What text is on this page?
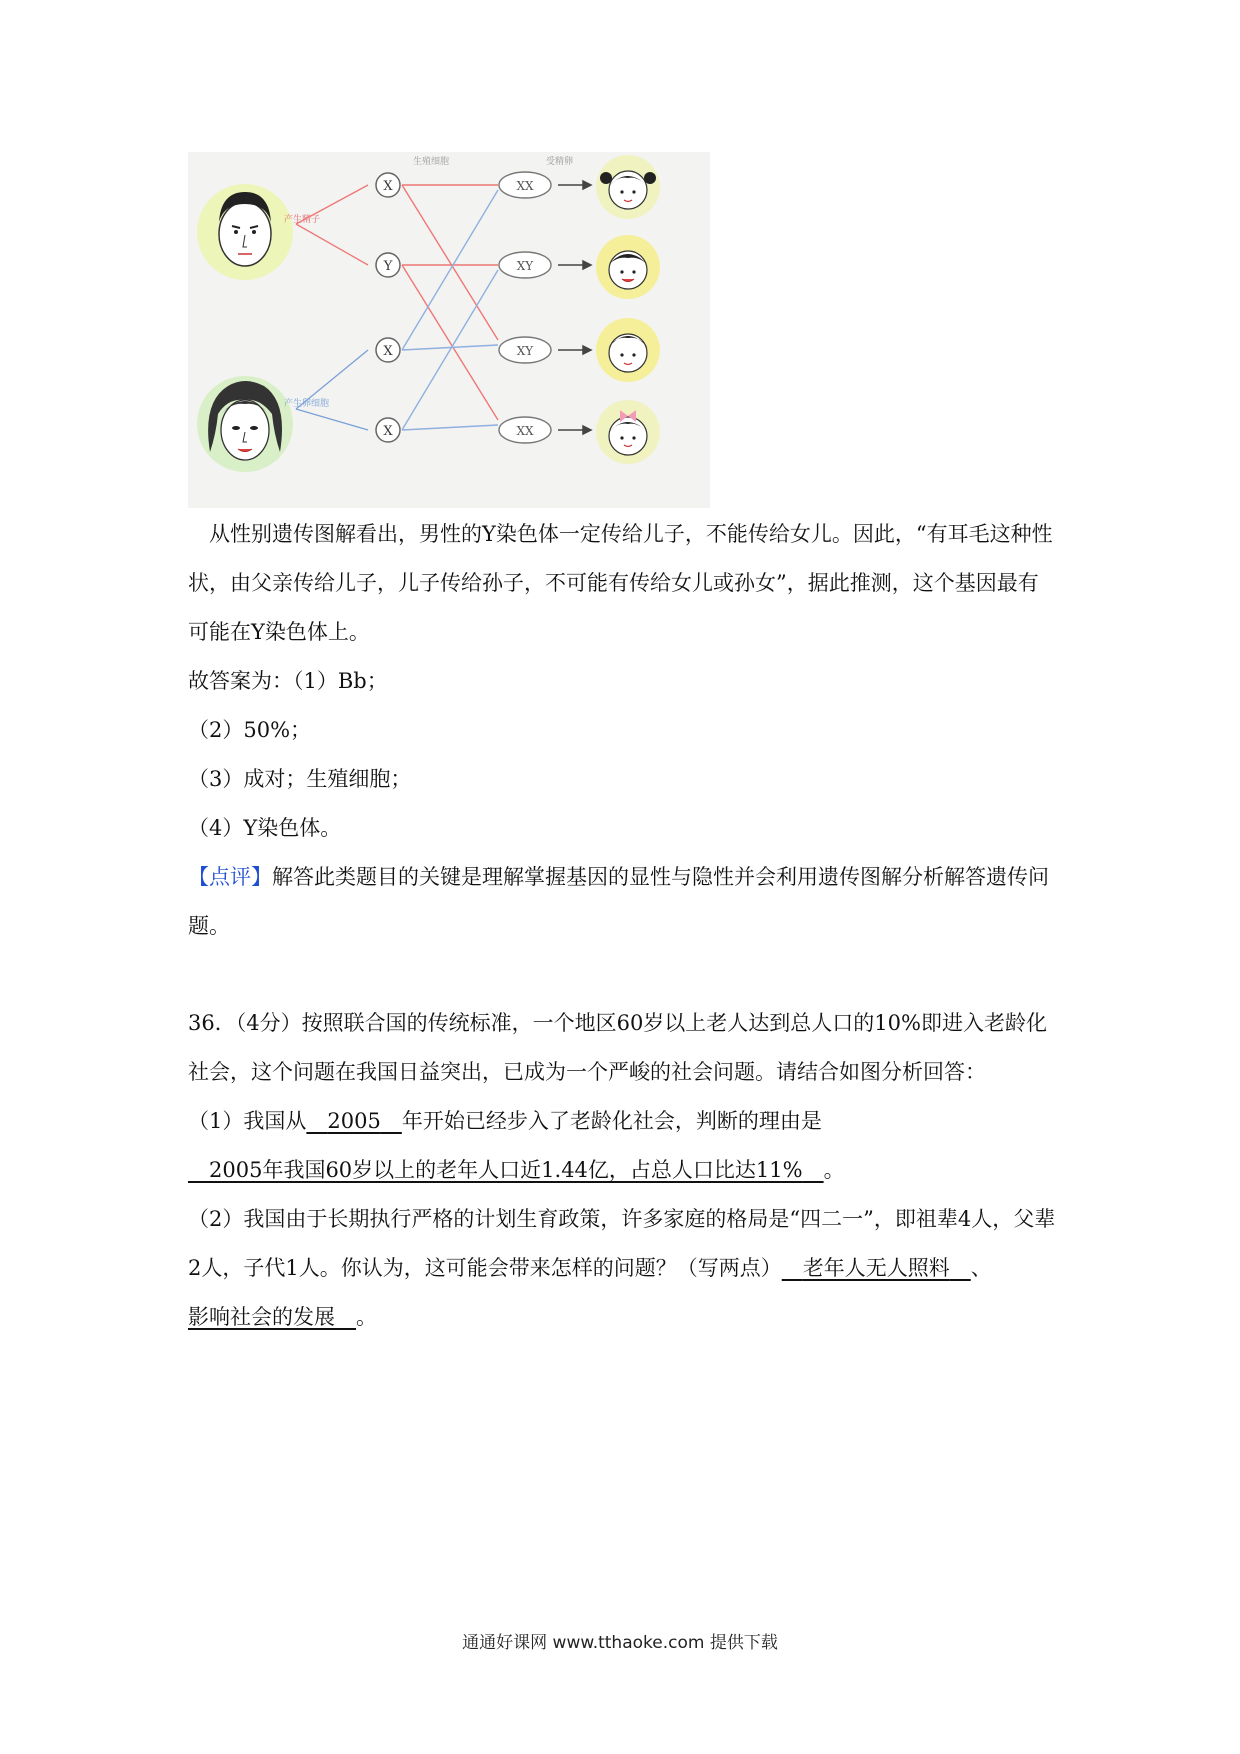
生殖细胞	受精卵
产生精子
产生卵细胞
X
Y
X
X
XX
XY
XY
XX

从性别遗传图解看出，男性的Y染色体一定传给儿子，不能传给女儿。因此，“有耳毛这种性状，由父亲传给儿子，儿子传给孙子，不可能有传给女儿或孙女”，据此推测，这个基因最有可能在Y染色体上。

故答案为：（1）Bb；

（2）50%；

（3）成对；生殖细胞；

（4）Y染色体。

【点评】解答此类题目的关键是理解掌握基因的显性与隐性并会利用遗传图解分析解答遗传问题。

36．（4分）按照联合国的传统标准，一个地区60岁以上老人达到总人口的10%即进入老龄化社会，这个问题在我国日益突出，已成为一个严峻的社会问题。请结合如图分析回答：

（1）我国从  2005  年开始已经步入了老龄化社会，判断的理由是 2005年我国60岁以上的老年人口近1.44亿，占总人口比达11%  。

（2）我国由于长期执行严格的计划生育政策，许多家庭的格局是“四二一”，即祖辈4人，父辈2人，子代1人。你认为，这可能会带来怎样的问题？（写两点）  老年人无人照料  、影响社会的发展  。

通通好课网 www.tthaoke.com 提供下载
